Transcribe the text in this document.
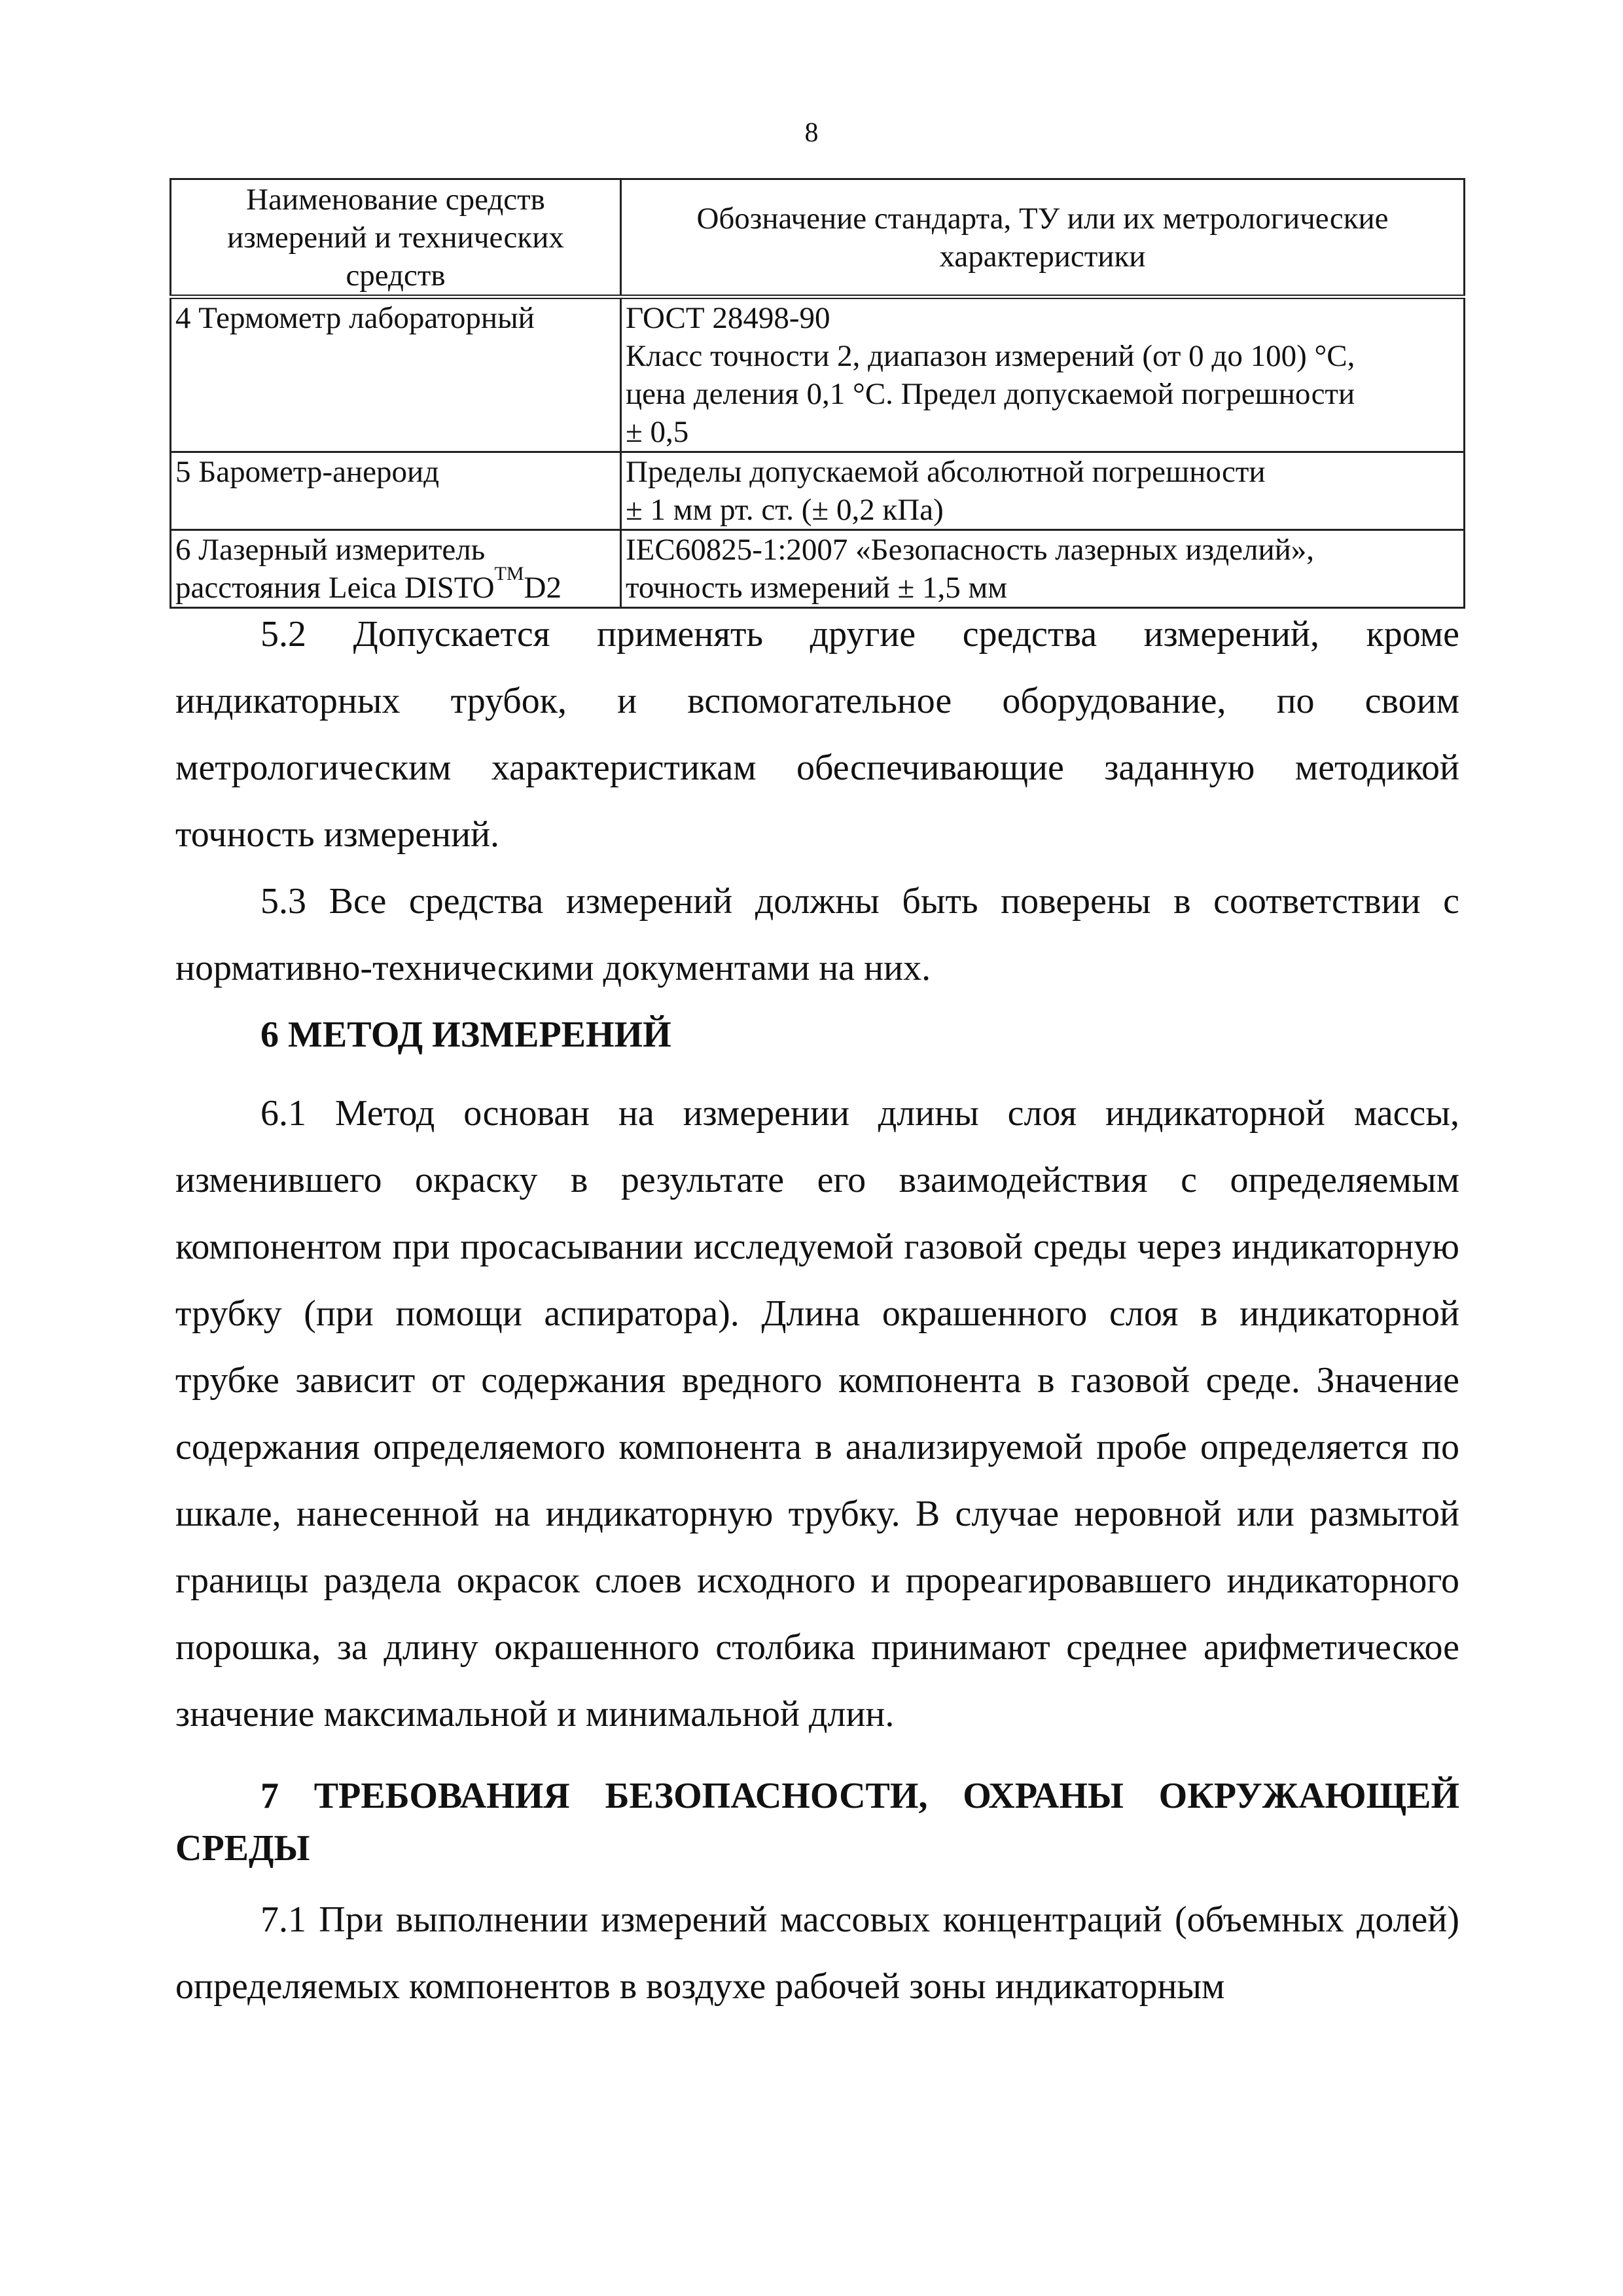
8
Наименование средств
измерений и технических
средств	Обозначение стандарта, ТУ или их метрологические
характеристики

4 Термометр лабораторный	ГОСТ 28498-90
Класс точности 2, диапазон измерений (от 0 до 100) °С,
цена деления 0,1 °С. Предел допускаемой погрешности
± 0,5

5 Барометр-анероид	Пределы допускаемой абсолютной погрешности
± 1 мм рт. ст. (± 0,2 кПа)

6 Лазерный измеритель
расстояния Leica DISTO™D2	IEC60825-1:2007 «Безопасность лазерных изделий»,
точность измерений ± 1,5 мм

5.2 Допускается применять другие средства измерений, кроме индикаторных трубок, и вспомогательное оборудование, по своим метрологическим характеристикам обеспечивающие заданную методикой точность измерений.

5.3 Все средства измерений должны быть поверены в соответствии с нормативно-техническими документами на них.

6 МЕТОД ИЗМЕРЕНИЙ

6.1 Метод основан на измерении длины слоя индикаторной массы, изменившего окраску в результате его взаимодействия с определяемым компонентом при просасывании исследуемой газовой среды через индикаторную трубку (при помощи аспиратора). Длина окрашенного слоя в индикаторной трубке зависит от содержания вредного компонента в газовой среде. Значение содержания определяемого компонента в анализируемой пробе определяется по шкале, нанесенной на индикаторную трубку. В случае неровной или размытой границы раздела окрасок слоев исходного и прореагировавшего индикаторного порошка, за длину окрашенного столбика принимают среднее арифметическое значение максимальной и минимальной длин.

7 ТРЕБОВАНИЯ БЕЗОПАСНОСТИ, ОХРАНЫ ОКРУЖАЮЩЕЙ СРЕДЫ

7.1 При выполнении измерений массовых концентраций (объемных долей) определяемых компонентов в воздухе рабочей зоны индикаторным
